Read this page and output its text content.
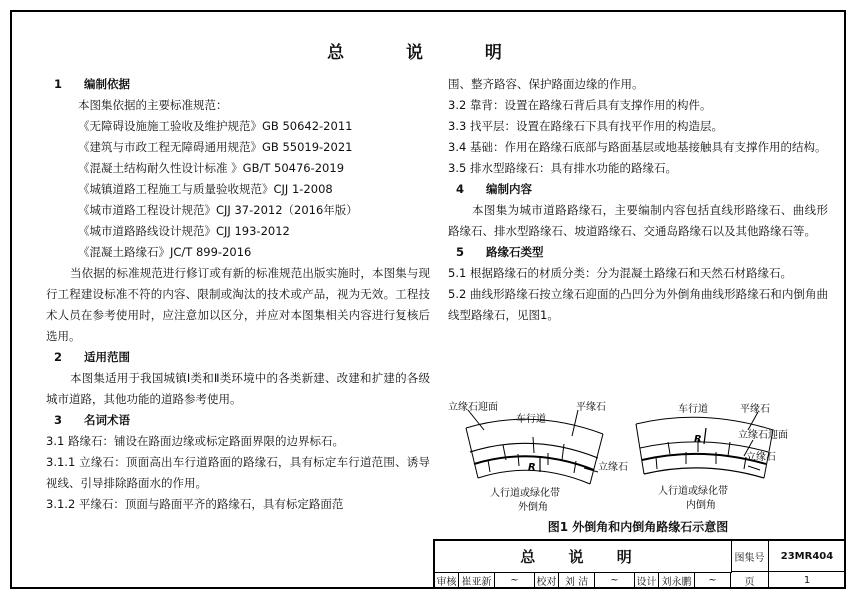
总 说 明

1 编制依据

本图集依据的主要标准规范：

《无障碍设施施工验收及维护规范》GB 50642-2011

《建筑与市政工程无障碍通用规范》GB 55019-2021

《混凝土结构耐久性设计标准 》GB/T 50476-2019

《城镇道路工程施工与质量验收规范》CJJ 1-2008

《城市道路工程设计规范》CJJ 37-2012（2016年版）

《城市道路路线设计规范》CJJ 193-2012

《混凝土路缘石》JC/T 899-2016

当依据的标准规范进行修订或有新的标准规范出版实施时，本图集与现行工程建设标准不符的内容、限制或淘汰的技术或产品，视为无效。工程技术人员在参考使用时，应注意加以区分，并应对本图集相关内容进行复核后选用。

2 适用范围

本图集适用于我国城镇Ⅰ类和Ⅱ类环境中的各类新建、改建和扩建的各级城市道路，其他功能的道路参考使用。

3 名词术语

3.1 路缘石：铺设在路面边缘或标定路面界限的边界标石。

3.1.1 立缘石：顶面高出车行道路面的路缘石，具有标定车行道范围、诱导视线、引导排除路面水的作用。

3.1.2 平缘石：顶面与路面平齐的路缘石，具有标定路面范

围、整齐路容、保护路面边缘的作用。

3.2 靠背：设置在路缘石背后具有支撑作用的构件。

3.3 找平层：设置在路缘石下具有找平作用的构造层。

3.4 基础：作用在路缘石底部与路面基层或地基接触具有支撑作用的结构。

3.5 排水型路缘石：具有排水功能的路缘石。

4 编制内容

本图集为城市道路路缘石，主要编制内容包括直线形路缘石、曲线形路缘石、排水型路缘石、坡道路缘石、交通岛路缘石以及其他路缘石等。

5 路缘石类型

5.1 根据路缘石的材质分类：分为混凝土路缘石和天然石材路缘石。

5.2 曲线形路缘石按立缘石迎面的凸凹分为外倒角曲线形路缘石和内倒角曲线型路缘石，见图1。

立缘石迎面
车行道
平缘石
立缘石
R
人行道或绿化带
外倒角
车行道	平缘石
立缘石迎面
立缘石
R
人行道或绿化带
内倒角
图1 外倒角和内倒角路缘石示意图
总 说 明	图集号	23MR404
审核 崔亚新	~ 校对 刘 洁	~ 设计 刘永鹏	~	页	1
